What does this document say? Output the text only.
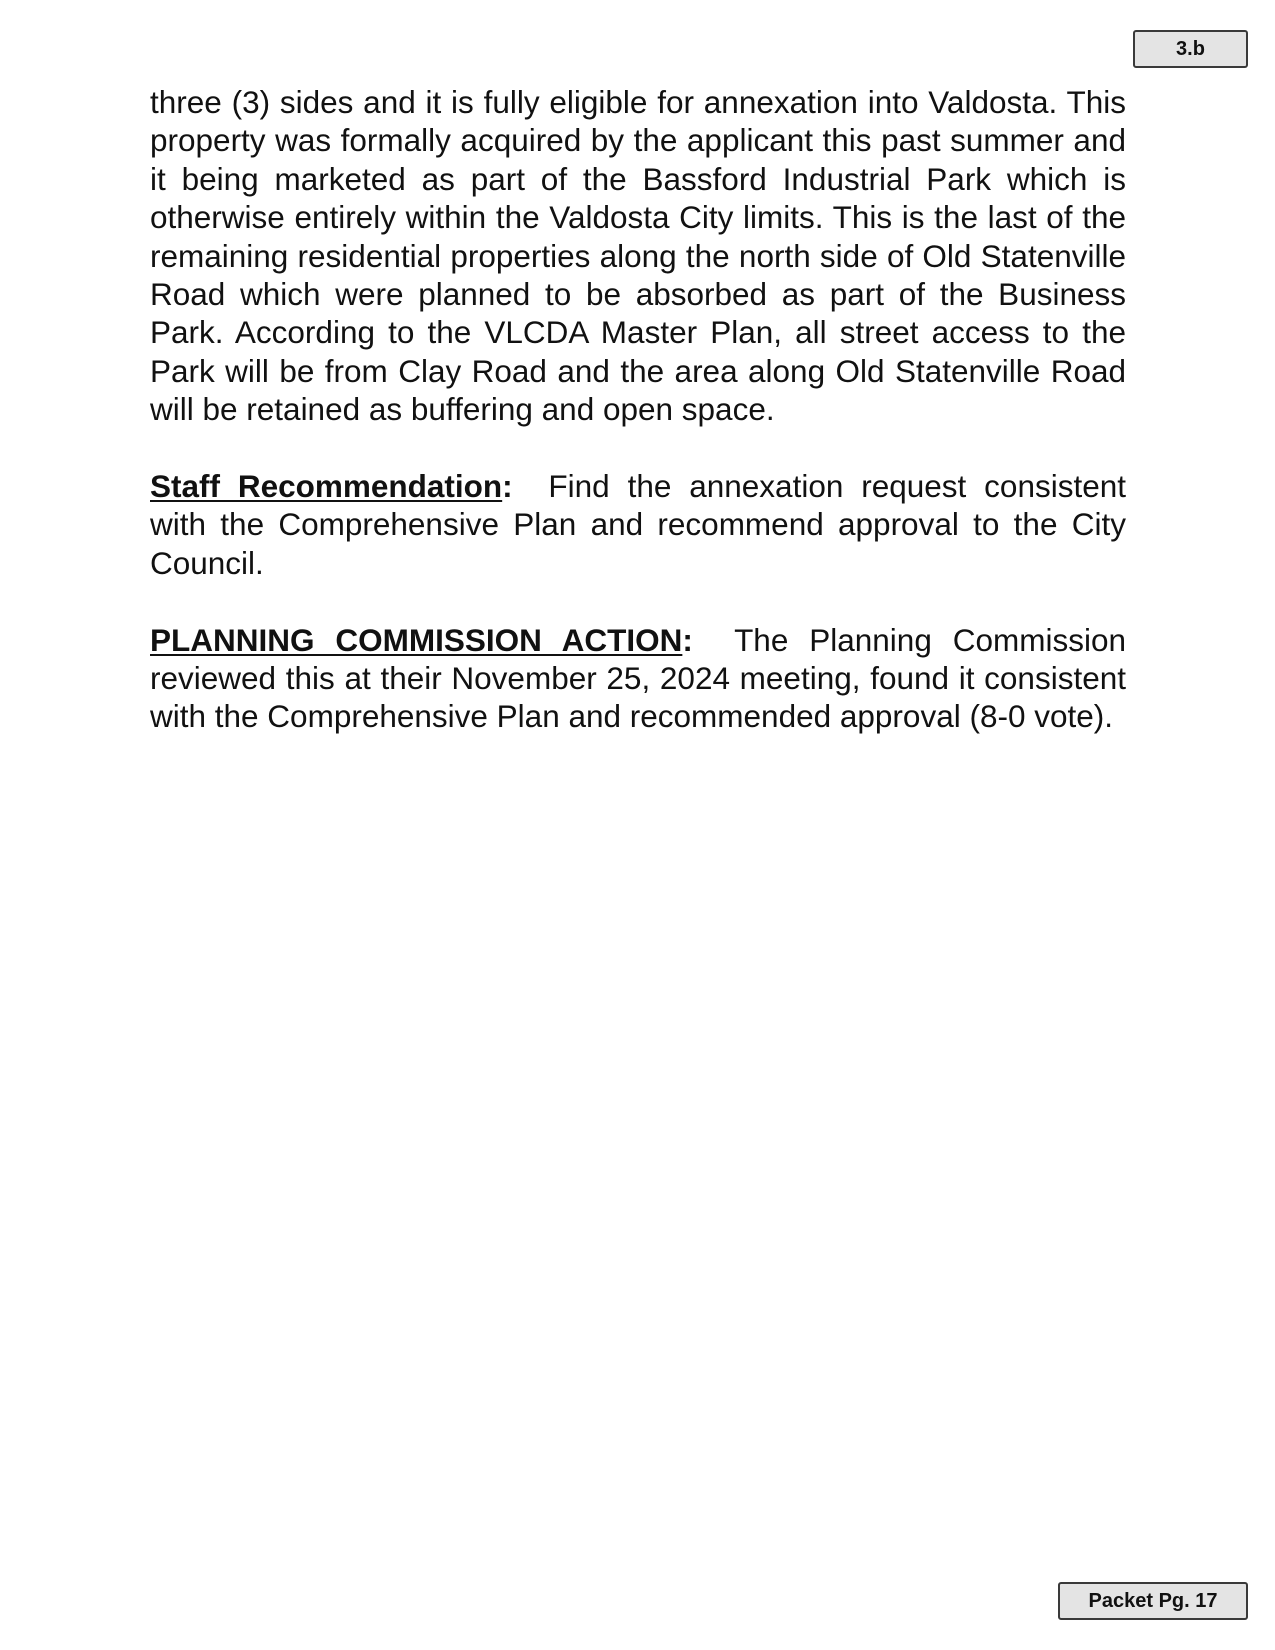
3.b

three (3) sides and it is fully eligible for annexation into Valdosta. This property was formally acquired by the applicant this past summer and it being marketed as part of the Bassford Industrial Park which is otherwise entirely within the Valdosta City limits. This is the last of the remaining residential properties along the north side of Old Statenville Road which were planned to be absorbed as part of the Business Park. According to the VLCDA Master Plan, all street access to the Park will be from Clay Road and the area along Old Statenville Road will be retained as buffering and open space.

Staff Recommendation:  Find the annexation request consistent with the Comprehensive Plan and recommend approval to the City Council.

PLANNING COMMISSION ACTION:  The Planning Commission reviewed this at their November 25, 2024 meeting, found it consistent with the Comprehensive Plan and recommended approval (8-0 vote).

Packet Pg. 17
